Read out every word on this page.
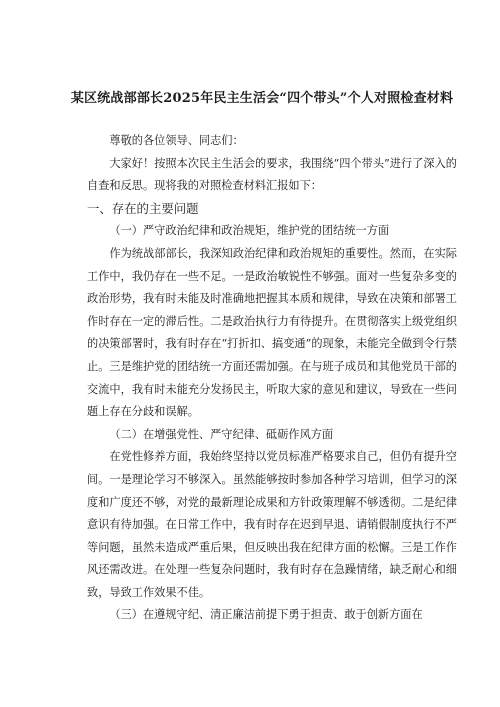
某区统战部部长2025年民主生活会“四个带头”个人对照检查材料

尊敬的各位领导、同志们：

大家好！按照本次民主生活会的要求，我围绕“四个带头”进行了深入的自查和反思。现将我的对照检查材料汇报如下：

一、存在的主要问题

（一）严守政治纪律和政治规矩，维护党的团结统一方面

作为统战部部长，我深知政治纪律和政治规矩的重要性。然而，在实际工作中，我仍存在一些不足。一是政治敏锐性不够强。面对一些复杂多变的政治形势，我有时未能及时准确地把握其本质和规律，导致在决策和部署工作时存在一定的滞后性。二是政治执行力有待提升。在贯彻落实上级党组织的决策部署时，我有时存在“打折扣、搞变通”的现象，未能完全做到令行禁止。三是维护党的团结统一方面还需加强。在与班子成员和其他党员干部的交流中，我有时未能充分发扬民主，听取大家的意见和建议，导致在一些问题上存在分歧和误解。

（二）在增强党性、严守纪律、砥砺作风方面

在党性修养方面，我始终坚持以党员标准严格要求自己，但仍有提升空间。一是理论学习不够深入。虽然能够按时参加各种学习培训，但学习的深度和广度还不够，对党的最新理论成果和方针政策理解不够透彻。二是纪律意识有待加强。在日常工作中，我有时存在迟到早退、请销假制度执行不严等问题，虽然未造成严重后果，但反映出我在纪律方面的松懈。三是工作作风还需改进。在处理一些复杂问题时，我有时存在急躁情绪，缺乏耐心和细致，导致工作效果不佳。

（三）在遵规守纪、清正廉洁前提下勇于担责、敢于创新方面在
